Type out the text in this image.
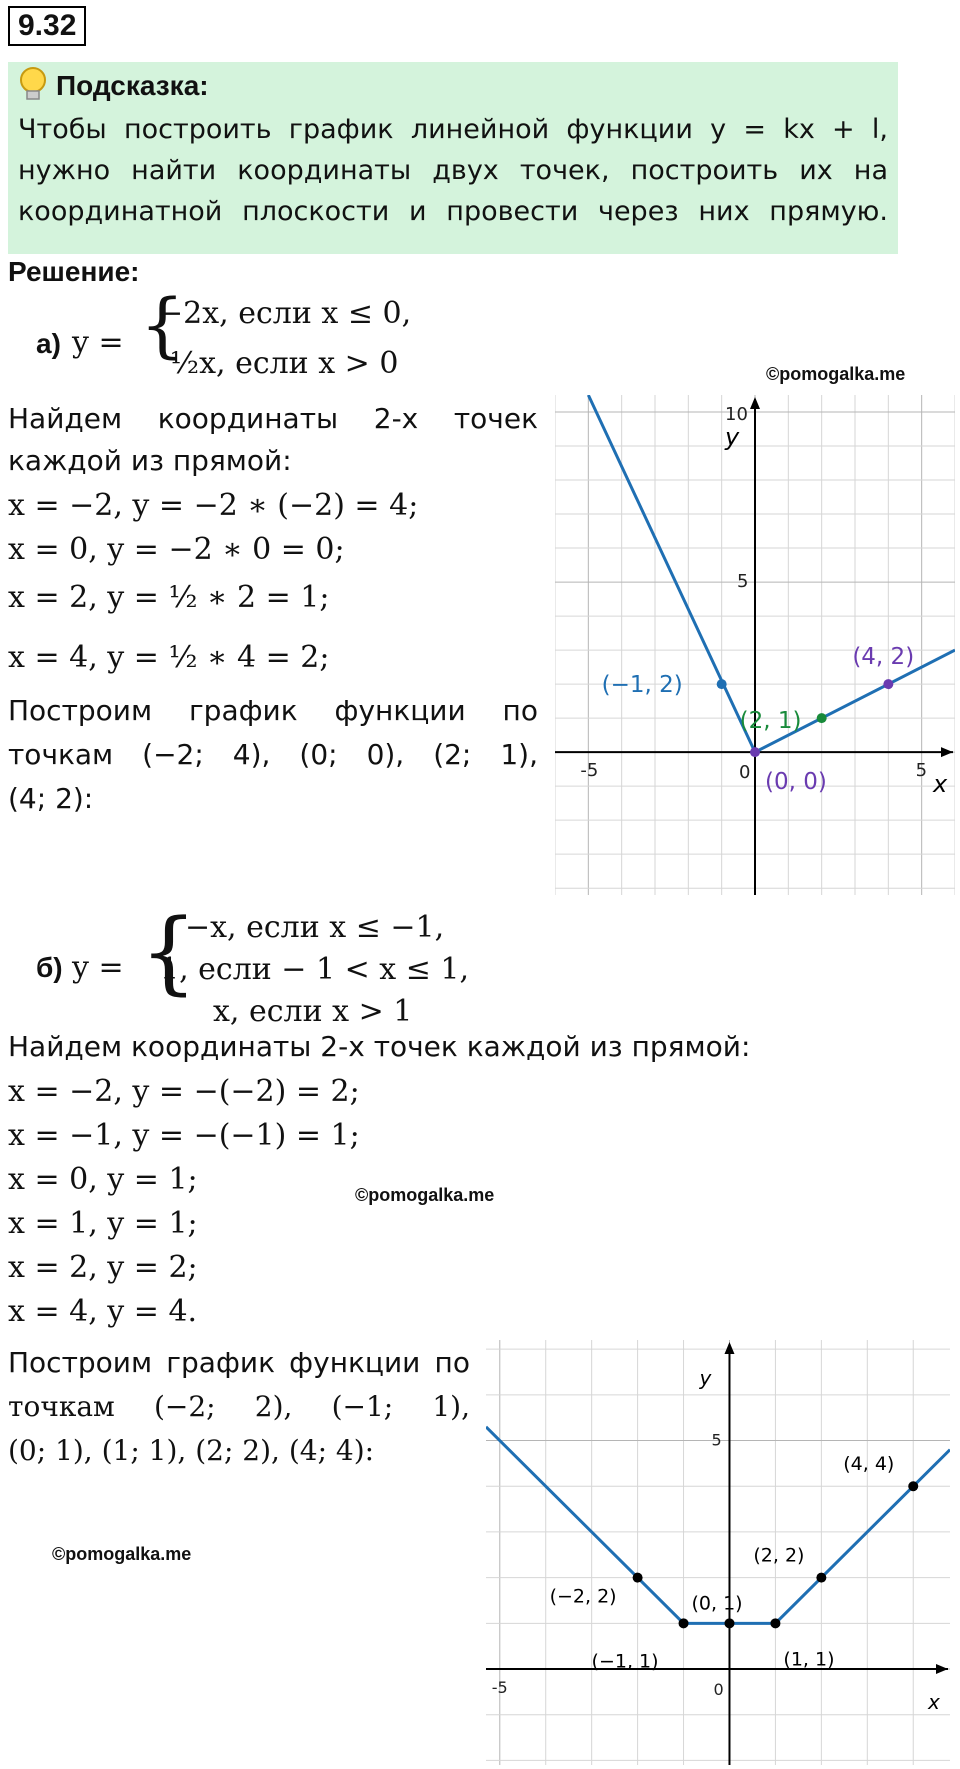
9.32
Подсказка:
Чтобы построить график линейной функции y = kx + l,
нужно найти координаты двух точек, построить их на
координатной плоскости и провести через них прямую.
Решение:
а) y = {
−2x, если x ≤ 0,
½x, если x > 0	©pomogalka.me
Найдем координаты 2-х точек
каждой из прямой:
x = −2, y = −2 ∗ (−2) = 4;
x = 0, y = −2 ∗ 0 = 0;
x = 2, y = ½ ∗ 2 = 1;
x = 4, y = ½ ∗ 4 = 2;
Построим график функции по
точкам (−2; 4), (0; 0), (2; 1),
(4; 2):	x
y
-5	0	5
5
10
(−1, 2)
(2, 1)
(4, 2)
(0, 0)
б) y = {
−x, если x ≤ −1,
1, если − 1 < x ≤ 1,
x, если x > 1
Найдем координаты 2-х точек каждой из прямой:
x = −2, y = −(−2) = 2;
x = −1, y = −(−1) = 1;
x = 0, y = 1;
x = 1, y = 1;
x = 2, y = 2;
x = 4, y = 4.
©pomogalka.me
Построим график функции по
точкам (−2; 2), (−1; 1),
(0; 1), (1; 1), (2; 2), (4; 4):
©pomogalka.me
x
y
-5	0
5
(−2, 2)
(−1, 1)
(0, 1)
(1, 1)
(2, 2)
(4, 4)
